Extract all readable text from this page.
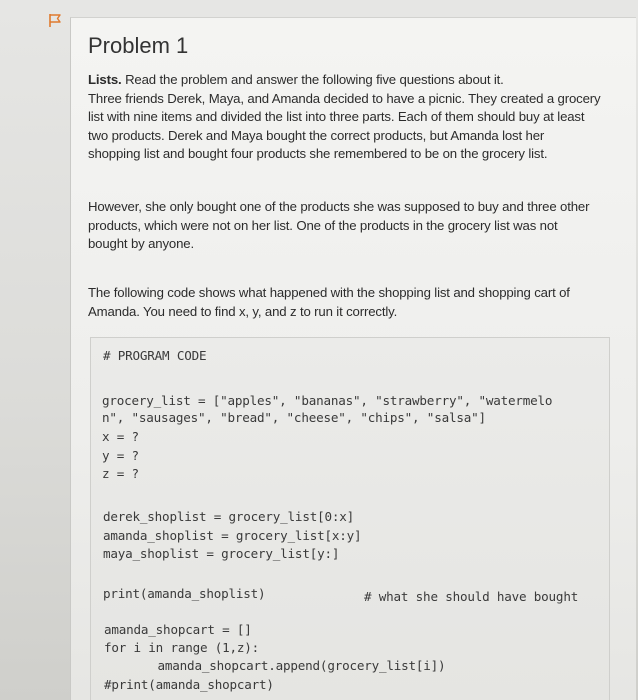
Problem 1
Lists. Read the problem and answer the following five questions about it.
Three friends Derek, Maya, and Amanda decided to have a picnic. They created a grocery
list with nine items and divided the list into three parts. Each of them should buy at least
two products. Derek and Maya bought the correct products, but Amanda lost her
shopping list and bought four products she remembered to be on the grocery list.
However, she only bought one of the products she was supposed to buy and three other
products, which were not on her list. One of the products in the grocery list was not
bought by anyone.
The following code shows what happened with the shopping list and shopping cart of
Amanda. You need to find x, y, and z to run it correctly.
# PROGRAM CODE
grocery_list = ["apples", "bananas", "strawberry", "watermelo
n", "sausages", "bread", "cheese", "chips", "salsa"]
x = ?
y = ?
z = ?
derek_shoplist = grocery_list[0:x]
amanda_shoplist = grocery_list[x:y]
maya_shoplist = grocery_list[y:]
print(amanda_shoplist)	# what she should have bought
amanda_shopcart = []
for i in range (1,z):
amanda_shopcart.append(grocery_list[i])
#print(amanda_shopcart)
